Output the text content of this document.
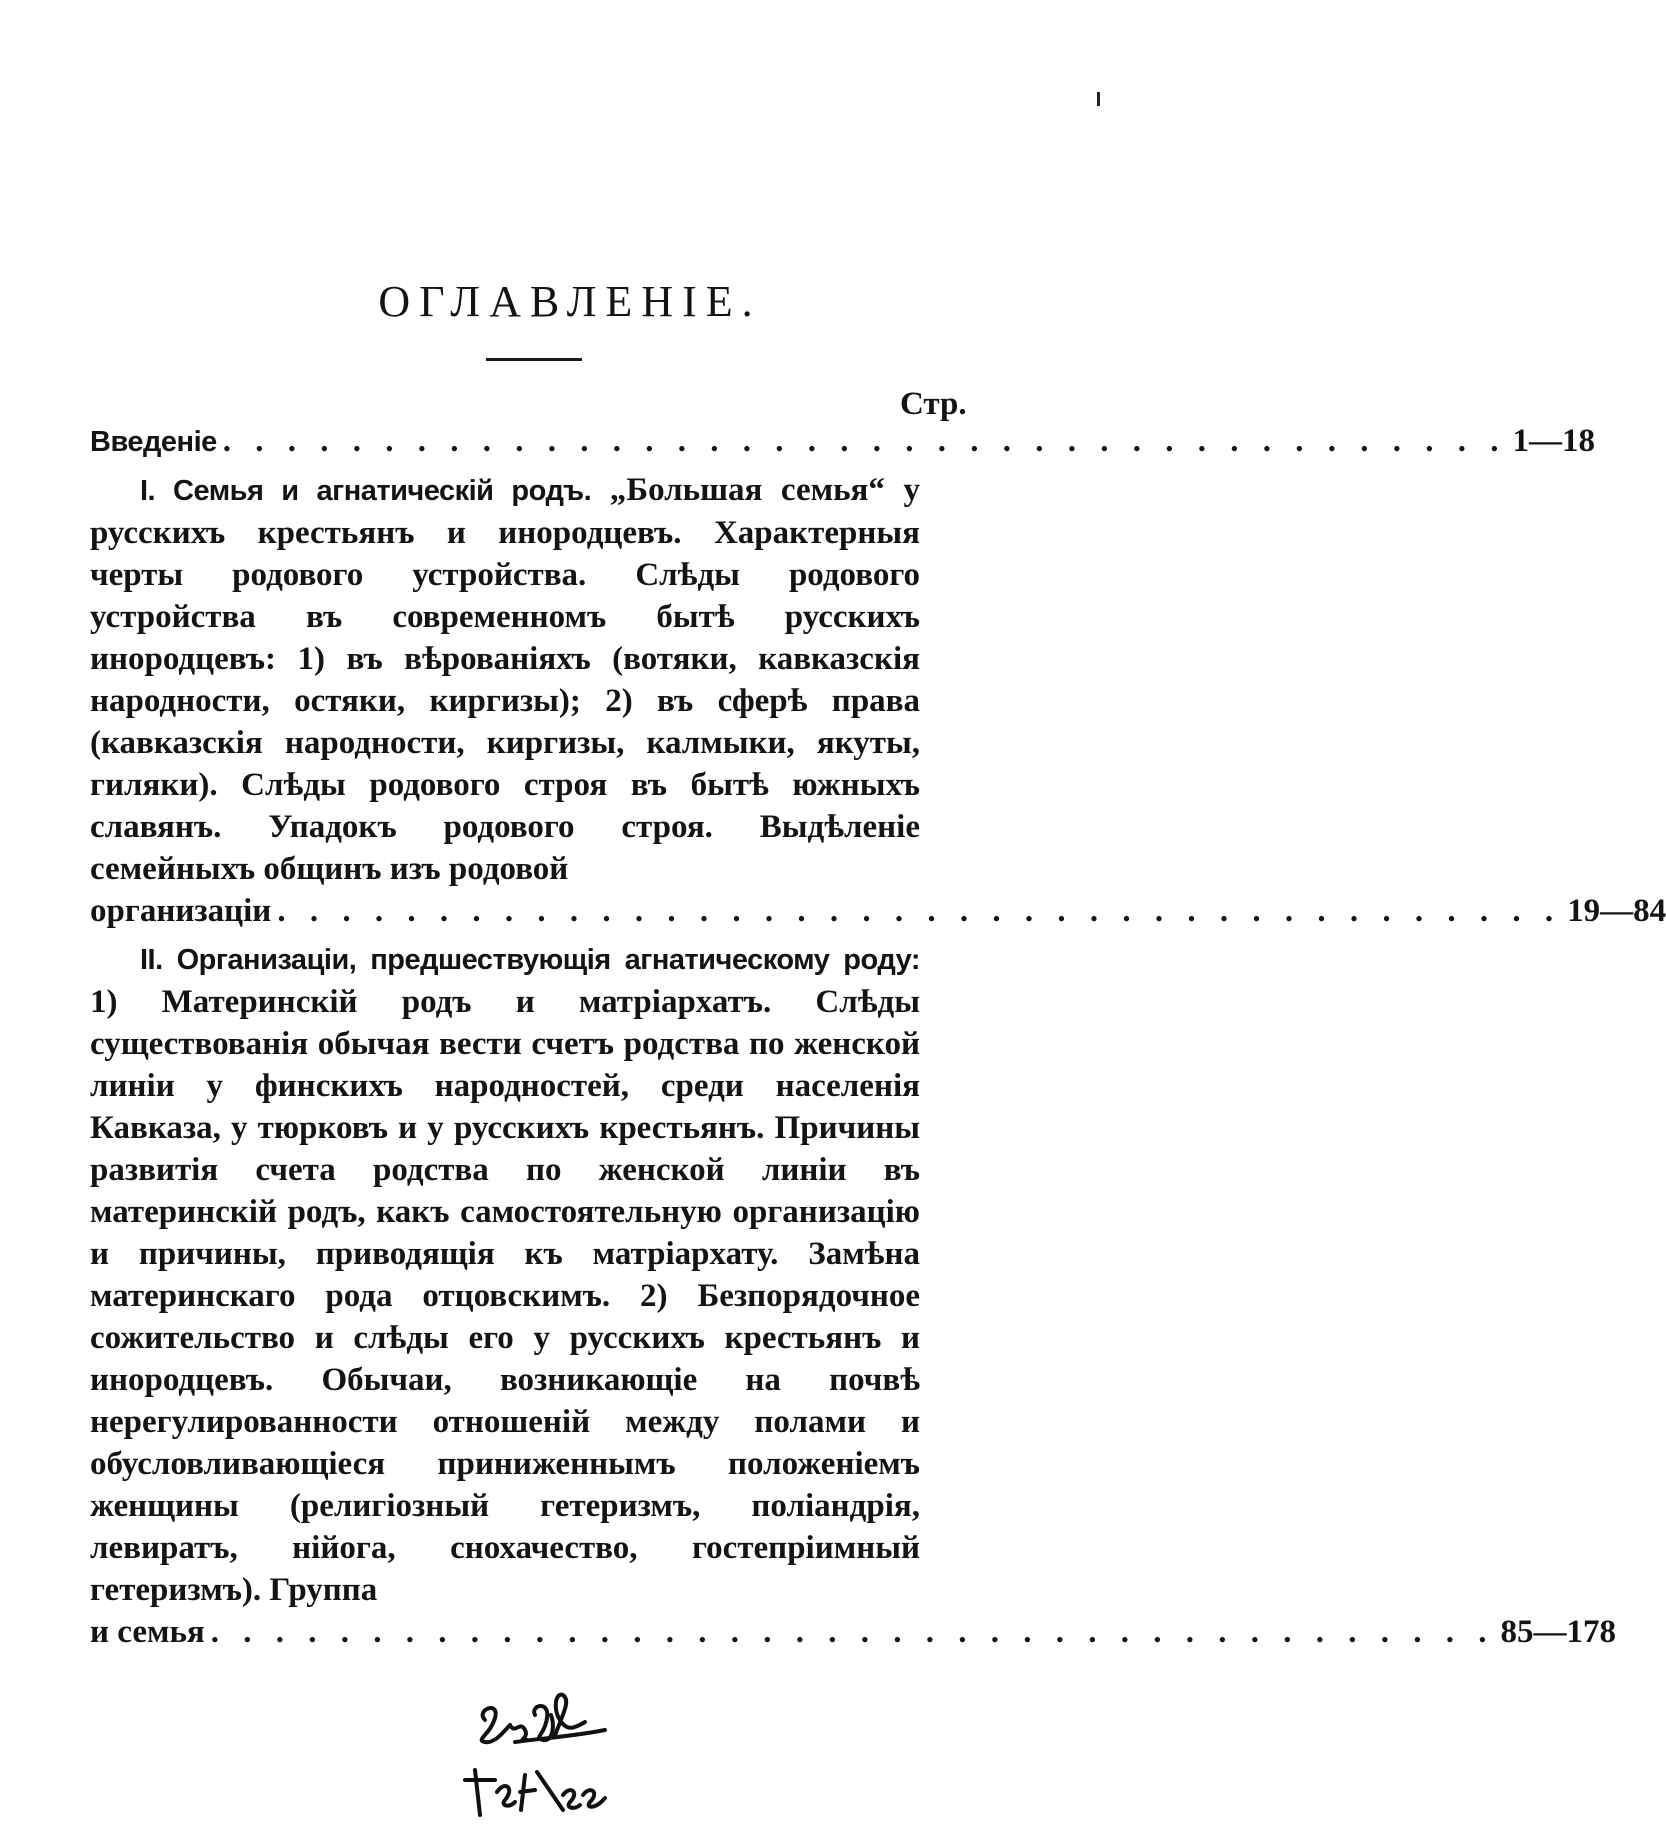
ОГЛАВЛЕНІЕ.
Стр.
Введеніе . . . . . . . . . . . . . . . . . . . . . . . . . . . . . . . . . . . . . . . . 1—18
I. Семья и агнатическій родъ. „Большая семья“ у русскихъ крестьянъ и инородцевъ. Характерныя черты родового устройства. Слѣды родового устройства въ современномъ бытѣ русскихъ инородцевъ: 1) въ вѣрованіяхъ (вотяки, кавказскія народности, остяки, киргизы); 2) въ сферѣ права (кавказскія народности, киргизы, калмыки, якуты, гиляки). Слѣды родового строя въ бытѣ южныхъ славянъ. Упадокъ родового строя. Выдѣленіе семейныхъ общинъ изъ родовой
организаціи . . . . . . . . . . . . . . . . . . . . . . . . . . . . . . . . . . . . . . . . 19—84
II. Организаціи, предшествующія агнатическому роду: 1) Материнскій родъ и матріархатъ. Слѣды существованія обычая вести счетъ родства по женской линіи у финскихъ народностей, среди населенія Кавказа, у тюрковъ и у русскихъ крестьянъ. Причины развитія счета родства по женской линіи въ материнскій родъ, какъ самостоятельную организацію и причины, приводящія къ матріархату. Замѣна материнскаго рода отцовскимъ. 2) Безпорядочное сожительство и слѣды его у русскихъ крестьянъ и инородцевъ. Обычаи, возникающіе на почвѣ нерегулированности отношеній между полами и обусловливающіеся приниженнымъ положеніемъ женщины (религіозный гетеризмъ, поліандрія, левиратъ, нійога, снохачество, гостепріимный гетеризмъ). Группа
и семья . . . . . . . . . . . . . . . . . . . . . . . . . . . . . . . . . . . . . . . . 85—178
